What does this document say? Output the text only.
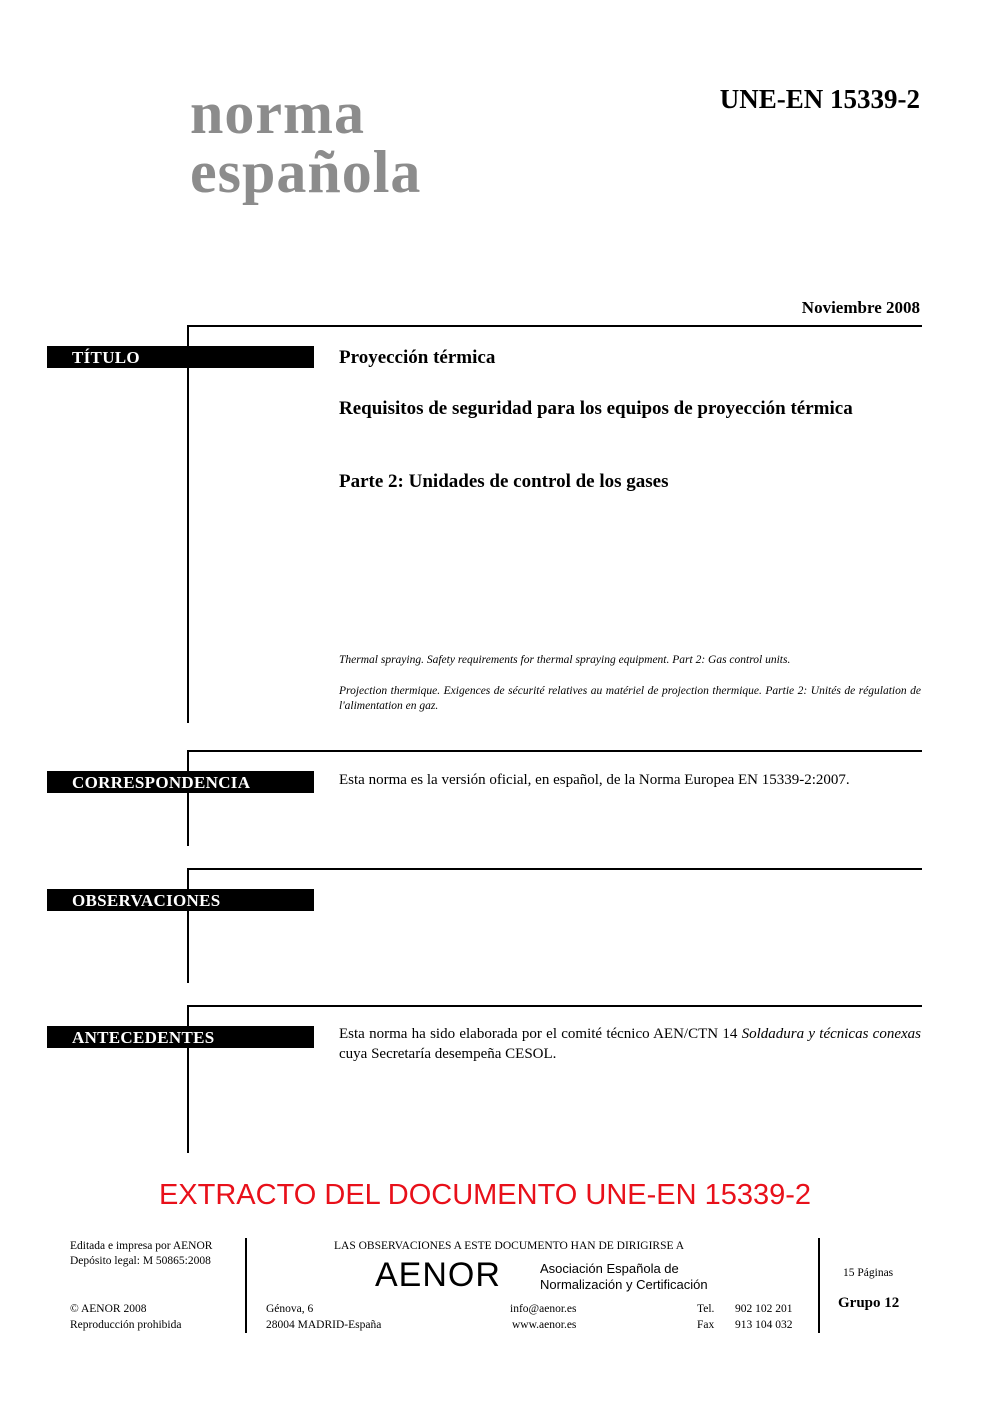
norma
española
UNE-EN 15339-2
Noviembre 2008
TÍTULO	Proyección térmica
Requisitos de seguridad para los equipos de proyección térmica
Parte 2: Unidades de control de los gases
Thermal spraying. Safety requirements for thermal spraying equipment. Part 2: Gas control units.
Projection thermique. Exigences de sécurité relatives au matériel de projection thermique. Partie 2: Unités de régulation de l'alimentation en gaz.
CORRESPONDENCIA	Esta norma es la versión oficial, en español, de la Norma Europea EN 15339-2:2007.
OBSERVACIONES
ANTECEDENTES	Esta norma ha sido elaborada por el comité técnico AEN/CTN 14 Soldadura y técnicas conexas cuya Secretaría desempeña CESOL.
EXTRACTO DEL DOCUMENTO UNE-EN 15339-2
Editada e impresa por AENOR
Depósito legal: M 50865:2008
© AENOR 2008
Reproducción prohibida
LAS OBSERVACIONES A ESTE DOCUMENTO HAN DE DIRIGIRSE A
AENOR	Asociación Española de
Normalización y Certificación
Génova, 6
28004 MADRID-España
info@aenor.es
www.aenor.es
Tel. 902 102 201
Fax 913 104 032
15 Páginas
Grupo 12
